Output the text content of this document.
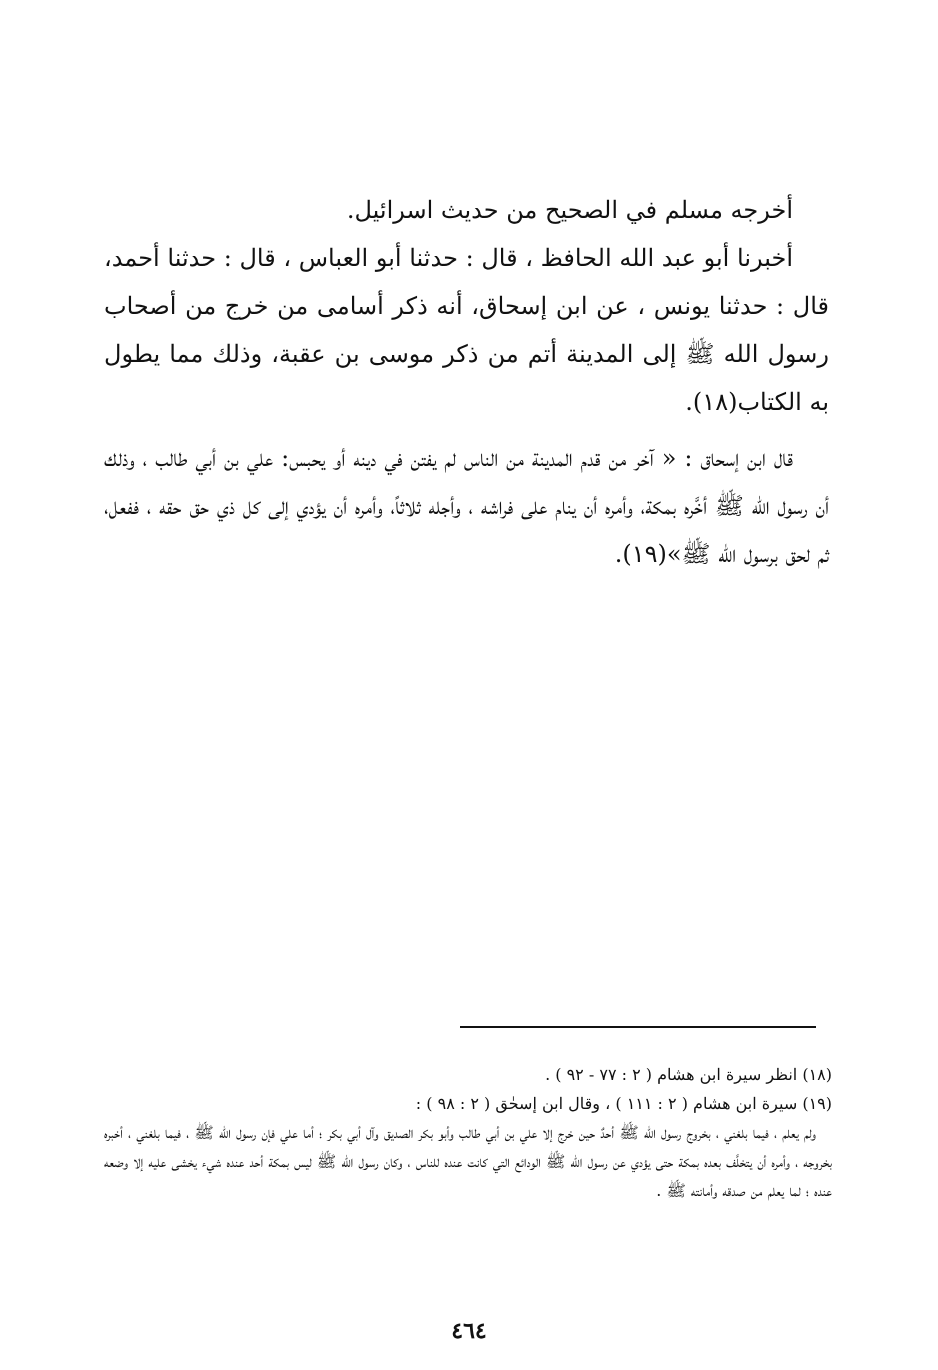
أخرجه مسلم في الصحيح من حديث اسرائيل.

أخبرنا أبو عبد الله الحافظ ، قال : حدثنا أبو العباس ، قال : حدثنا أحمد، قال : حدثنا يونس ، عن ابن إسحاق، أنه ذكر أسامى من خرج من أصحاب رسول الله ﷺ إلى المدينة أتم من ذكر موسى بن عقبة، وذلك مما يطول به الكتاب(١٨).

قال ابن إسحاق : « آخر من قدم المدينة من الناس لم يفتن في دينه أو يحبس: علي بن أبي طالب ، وذلك أن رسول الله ﷺ أخَّره بمكة، وأمره أن ينام على فراشه ، وأجله ثلاثاً، وأمره أن يؤدي إلى كل ذي حق حقه ، ففعل، ثم لحق برسول الله ﷺ»(١٩).

(١٨) انظر سيرة ابن هشام ( ٢ : ٧٧ - ٩٢ ) .

(١٩) سيرة ابن هشام ( ٢ : ١١١ ) ، وقال ابن إسحٰق ( ٢ : ٩٨ ) :

ولم يعلم ، فيما بلغني ، بخروج رسول الله ﷺ أحدٌ حين خرج إلا علي بن أبي طالب وأبو بكر الصديق وآل أبي بكر ؛ أما علي فإن رسول الله ﷺ ، فيما بلغني ، أخبره بخروجه ، وأمره أن يتخلَّف بعده بمكة حتى يؤدي عن رسول الله ﷺ الودائع التي كانت عنده للناس ، وكان رسول الله ﷺ ليس بمكة أحد عنده شيء يخشى عليه إلا وضعه عنده ؛ لما يعلم من صدقه وأمانته ﷺ .

٤٦٤
